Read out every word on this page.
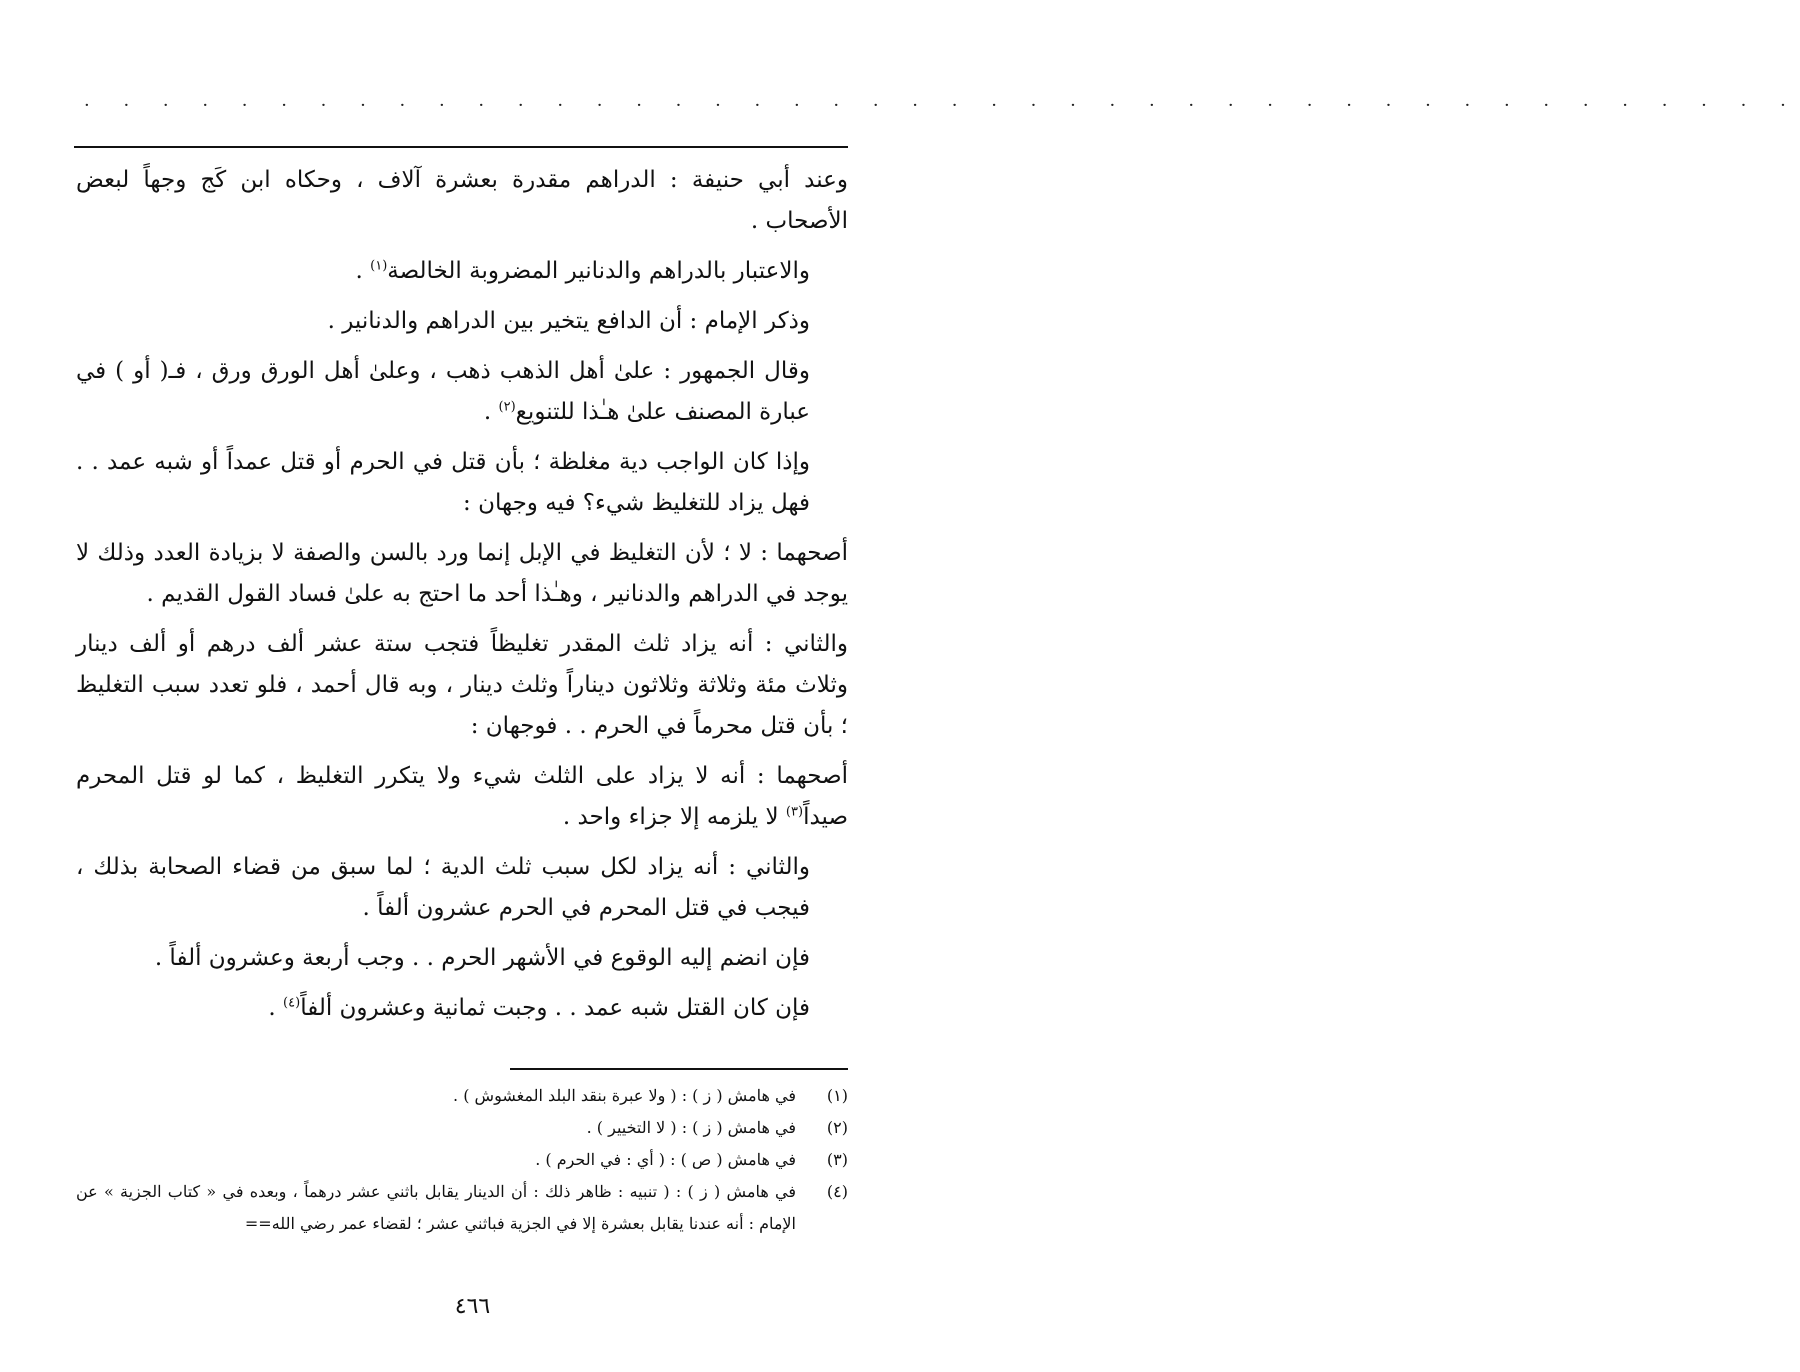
· · · · · · · · · · · · · · · · · · · · · · · · · · · · · · · · · · · · · · · · · · · ·

وعند أبي حنيفة : الدراهم مقدرة بعشرة آلاف ، وحكاه ابن كَج وجهاً لبعض الأصحاب .

والاعتبار بالدراهم والدنانير المضروبة الخالصة$^{(١)}$ .

وذكر الإمام : أن الدافع يتخير بين الدراهم والدنانير .

وقال الجمهور : علىٰ أهل الذهب ذهب ، وعلىٰ أهل الورق ورق ، فـ( أو ) في عبارة المصنف علىٰ هـٰذا للتنويع$^{(٢)}$ .

وإذا كان الواجب دية مغلظة ؛ بأن قتل في الحرم أو قتل عمداً أو شبه عمد . . فهل يزاد للتغليظ شيء؟ فيه وجهان :

أصحهما : لا ؛ لأن التغليظ في الإبل إنما ورد بالسن والصفة لا بزيادة العدد وذلك لا يوجد في الدراهم والدنانير ، وهـٰذا أحد ما احتج به علىٰ فساد القول القديم .

والثاني : أنه يزاد ثلث المقدر تغليظاً فتجب ستة عشر ألف درهم أو ألف دينار وثلاث مئة وثلاثة وثلاثون ديناراً وثلث دينار ، وبه قال أحمد ، فلو تعدد سبب التغليظ ؛ بأن قتل محرماً في الحرم . . فوجهان :

أصحهما : أنه لا يزاد على الثلث شيء ولا يتكرر التغليظ ، كما لو قتل المحرم صيداً$^{(٣)}$ لا يلزمه إلا جزاء واحد .

والثاني : أنه يزاد لكل سبب ثلث الدية ؛ لما سبق من قضاء الصحابة بذلك ، فيجب في قتل المحرم في الحرم عشرون ألفاً .

فإن انضم إليه الوقوع في الأشهر الحرم . . وجب أربعة وعشرون ألفاً .

فإن كان القتل شبه عمد . . وجبت ثمانية وعشرون ألفاً$^{(٤)}$ .

(١)
في هامش ( ز ) : ( ولا عبرة بنقد البلد المغشوش ) .
(٢)
في هامش ( ز ) : ( لا التخيير ) .
(٣)
في هامش ( ص ) : ( أي : في الحرم ) .
(٤)
في هامش ( ز ) : ( تنبيه : ظاهر ذلك : أن الدينار يقابل باثني عشر درهماً ، وبعده في « كتاب الجزية » عن الإمام : أنه عندنا يقابل بعشرة إلا في الجزية فباثني عشر ؛ لقضاء عمر رضي الله==
٤٦٦
